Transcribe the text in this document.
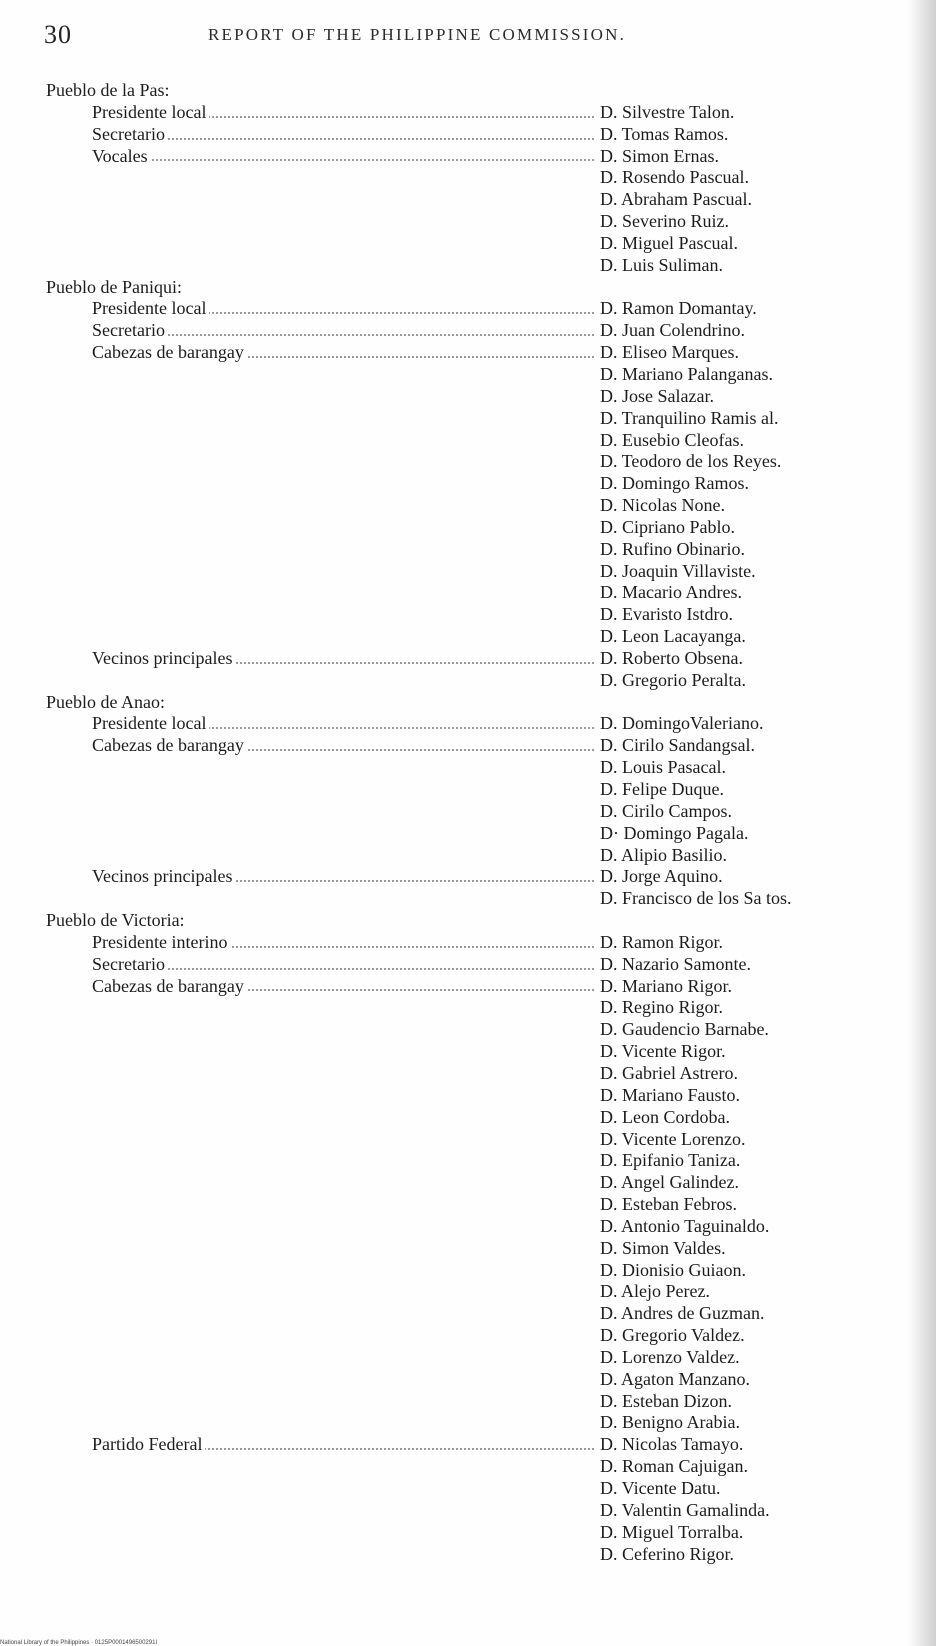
30	REPORT OF THE PHILIPPINE COMMISSION.
Pueblo de la Pas:
Presidente local	D. Silvestre Talon.
Secretario	D. Tomas Ramos.
Vocales	D. Simon Ernas.
D. Rosendo Pascual.
D. Abraham Pascual.
D. Severino Ruiz.
D. Miguel Pascual.
D. Luis Suliman.
Pueblo de Paniqui:
Presidente local	D. Ramon Domantay.
Secretario	D. Juan Colendrino.
Cabezas de barangay	D. Eliseo Marques.
D. Mariano Palanganas.
D. Jose Salazar.
D. Tranquilino Ramis al.
D. Eusebio Cleofas.
D. Teodoro de los Reyes.
D. Domingo Ramos.
D. Nicolas None.
D. Cipriano Pablo.
D. Rufino Obinario.
D. Joaquin Villaviste.
D. Macario Andres.
D. Evaristo Istdro.
D. Leon Lacayanga.
Vecinos principales	D. Roberto Obsena.
D. Gregorio Peralta.
Pueblo de Anao:
Presidente local	D. DomingoValeriano.
Cabezas de barangay	D. Cirilo Sandangsal.
D. Louis Pasacal.
D. Felipe Duque.
D. Cirilo Campos.
D· Domingo Pagala.
D. Alipio Basilio.
Vecinos principales	D. Jorge Aquino.
D. Francisco de los Sa tos.
Pueblo de Victoria:
Presidente interino	D. Ramon Rigor.
Secretario	D. Nazario Samonte.
Cabezas de barangay	D. Mariano Rigor.
D. Regino Rigor.
D. Gaudencio Barnabe.
D. Vicente Rigor.
D. Gabriel Astrero.
D. Mariano Fausto.
D. Leon Cordoba.
D. Vicente Lorenzo.
D. Epifanio Taniza.
D. Angel Galindez.
D. Esteban Febros.
D. Antonio Taguinaldo.
D. Simon Valdes.
D. Dionisio Guiaon.
D. Alejo Perez.
D. Andres de Guzman.
D. Gregorio Valdez.
D. Lorenzo Valdez.
D. Agaton Manzano.
D. Esteban Dizon.
D. Benigno Arabia.
Partido Federal	D. Nicolas Tamayo.
D. Roman Cajuigan.
D. Vicente Datu.
D. Valentin Gamalinda.
D. Miguel Torralba.
D. Ceferino Rigor.
National Library of the Philippines · 0125P0001496500291I
